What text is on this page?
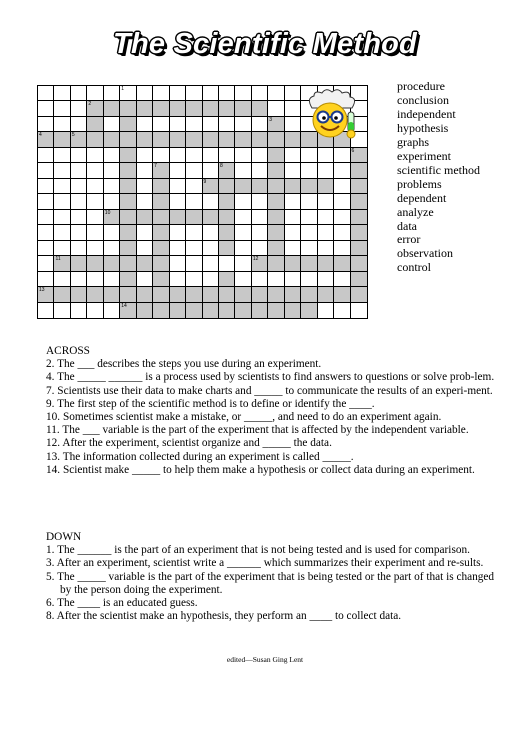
The Scientific Method
1
2
3
4	5
6
7	8
9
10
11	12
13
14
procedure
conclusion
independent
hypothesis
graphs
experiment
scientific method
problems
dependent
analyze
data
error
observation
control

ACROSS

2. The ___ describes the steps you use during an experiment.

4. The _____ ______ is a process used by scientists to find answers to questions or solve prob-lem.

7. Scientists use their data to make charts and _____ to communicate the results of an experi-ment.

9. The first step of the scientific method is to define or identify the ____.

10. Sometimes scientist make a mistake, or _____, and need to do an experiment again.

11. The ___ variable is the part of the experiment that is affected by the independent variable.

12. After the experiment, scientist organize and _____ the data.

13. The information collected during an experiment is called _____.

14. Scientist make _____ to help them make a hypothesis or collect data during an experiment.

DOWN

1. The ______ is the part of an experiment that is not being tested and is used for comparison.

3. After an experiment, scientist write a ______ which summarizes their experiment and re-sults.

5. The _____ variable is the part of the experiment that is being tested or the part of that is changed by the person doing the experiment.

6. The ____ is an educated guess.

8. After the scientist make an hypothesis, they perform an ____ to collect data.

edited—Susan Ging Lent
